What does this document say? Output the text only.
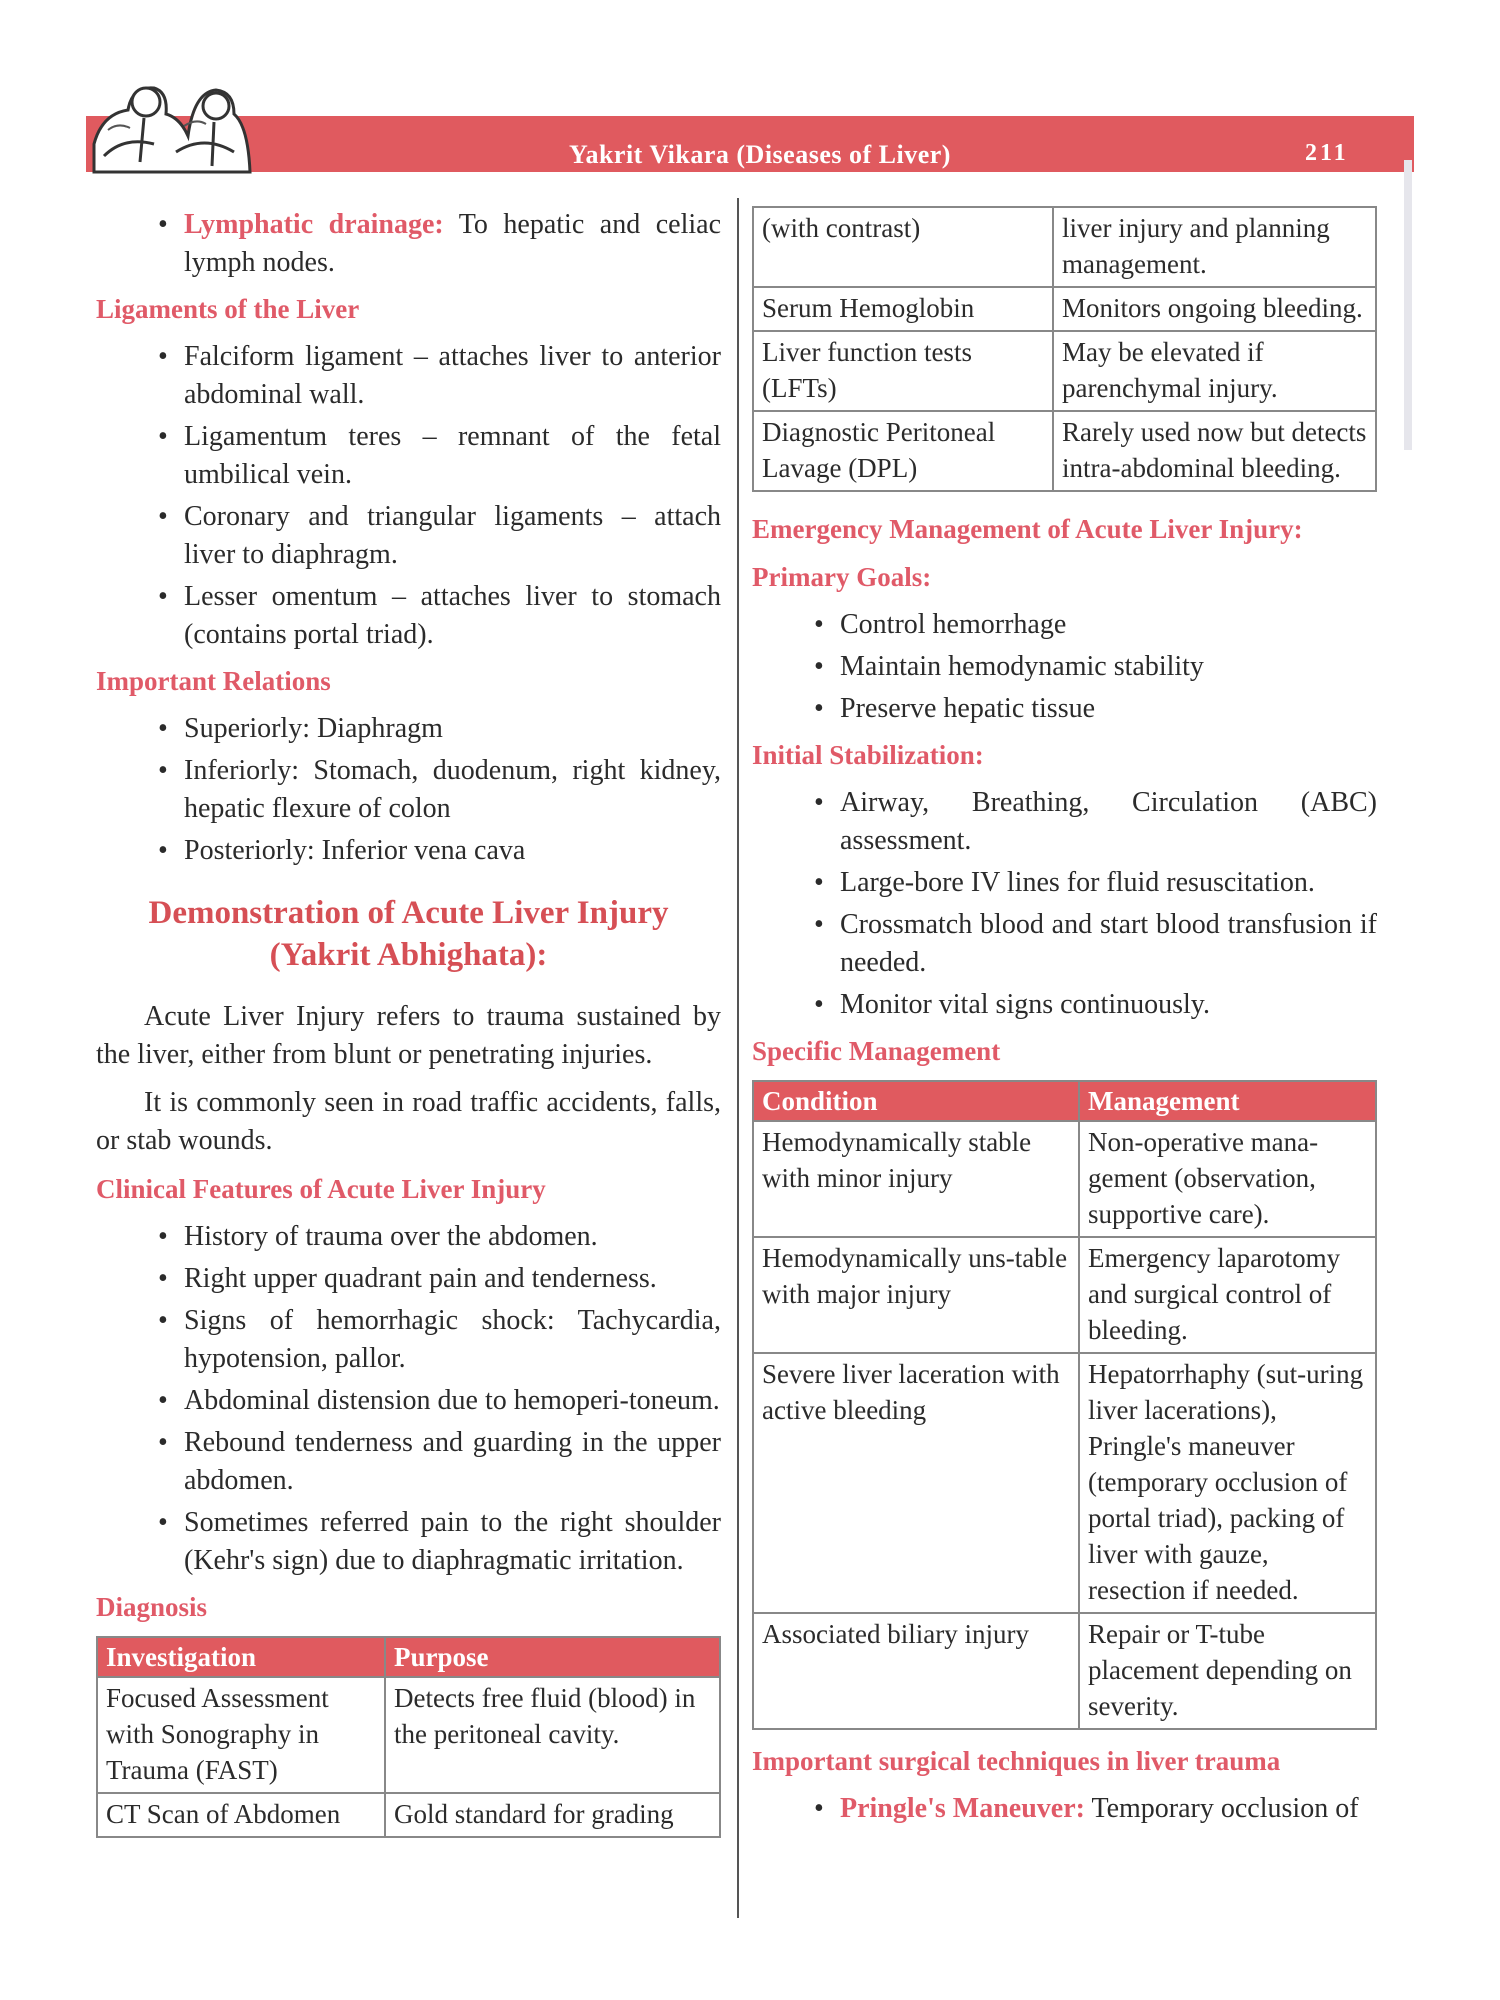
Yakrit Vikara (Diseases of Liver)	211
• Lymphatic drainage: To hepatic and celiac lymph nodes.
Ligaments of the Liver
• Falciform ligament – attaches liver to anterior abdominal wall.
• Ligamentum teres – remnant of the fetal umbilical vein.
• Coronary and triangular ligaments – attach liver to diaphragm.
• Lesser omentum – attaches liver to stomach (contains portal triad).
Important Relations
• Superiorly: Diaphragm
• Inferiorly: Stomach, duodenum, right kidney, hepatic flexure of colon
• Posteriorly: Inferior vena cava
Demonstration of Acute Liver Injury
(Yakrit Abhighata):

Acute Liver Injury refers to trauma sustained by the liver, either from blunt or penetrating injuries.

It is commonly seen in road traffic accidents, falls, or stab wounds.

Clinical Features of Acute Liver Injury
• History of trauma over the abdomen.
• Right upper quadrant pain and tenderness.
• Signs of hemorrhagic shock: Tachycardia, hypotension, pallor.
• Abdominal distension due to hemoperi-toneum.
• Rebound tenderness and guarding in the upper abdomen.
• Sometimes referred pain to the right shoulder (Kehr's sign) due to diaphragmatic irritation.
Diagnosis
Investigation	Purpose
Focused Assessment with Sonography in Trauma (FAST)	Detects free fluid (blood) in the peritoneal cavity.
CT Scan of Abdomen	Gold standard for grading
(with contrast)	liver injury and planning management.
Serum Hemoglobin	Monitors ongoing bleeding.
Liver function tests (LFTs)	May be elevated if parenchymal injury.
Diagnostic Peritoneal Lavage (DPL)	Rarely used now but detects intra-abdominal bleeding.
Emergency Management of Acute Liver Injury:
Primary Goals:
• Control hemorrhage
• Maintain hemodynamic stability
• Preserve hepatic tissue
Initial Stabilization:
• Airway, Breathing, Circulation (ABC) assessment.
• Large-bore IV lines for fluid resuscitation.
• Crossmatch blood and start blood transfusion if needed.
• Monitor vital signs continuously.
Specific Management
Condition	Management
Hemodynamically stable with minor injury	Non-operative mana-gement (observation, supportive care).
Hemodynamically uns-table with major injury	Emergency laparotomy and surgical control of bleeding.
Severe liver laceration with active bleeding	Hepatorrhaphy (sut-uring liver lacerations), Pringle's maneuver (temporary occlusion of portal triad), packing of liver with gauze, resection if needed.
Associated biliary injury	Repair or T-tube placement depending on severity.
Important surgical techniques in liver trauma
• Pringle's Maneuver: Temporary occlusion of
